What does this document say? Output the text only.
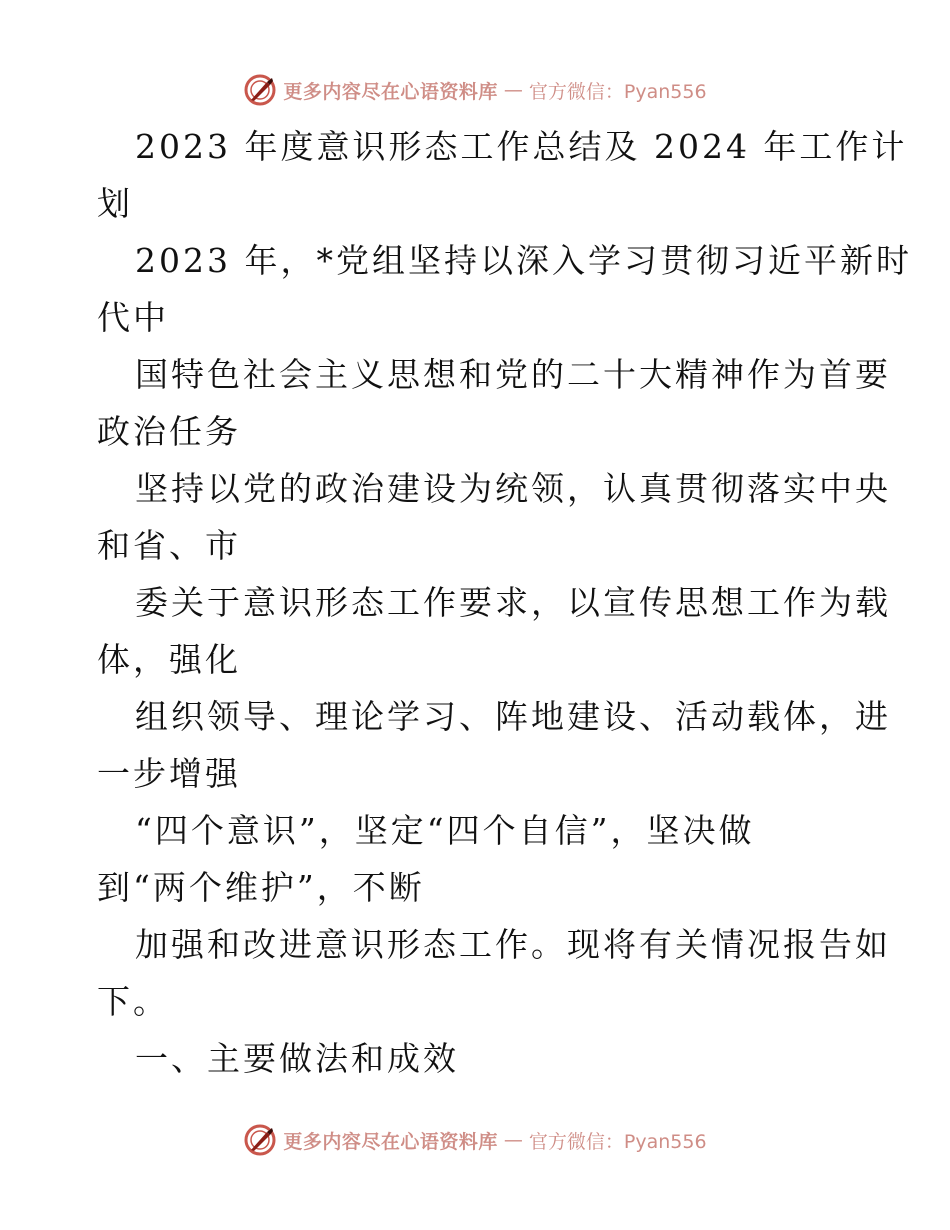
更多内容尽在心语资料库 — 官方微信：Pyan556
2023 年度意识形态工作总结及 2024 年工作计
划
2023 年，*党组坚持以深入学习贯彻习近平新时
代中
国特色社会主义思想和党的二十大精神作为首要
政治任务
坚持以党的政治建设为统领，认真贯彻落实中央
和省、市
委关于意识形态工作要求，以宣传思想工作为载
体，强化
组织领导、理论学习、阵地建设、活动载体，进
一步增强
“四个意识”，坚定“四个自信”，坚决做
到“两个维护”，不断
加强和改进意识形态工作。现将有关情况报告如
下。
一、主要做法和成效
更多内容尽在心语资料库 — 官方微信：Pyan556
